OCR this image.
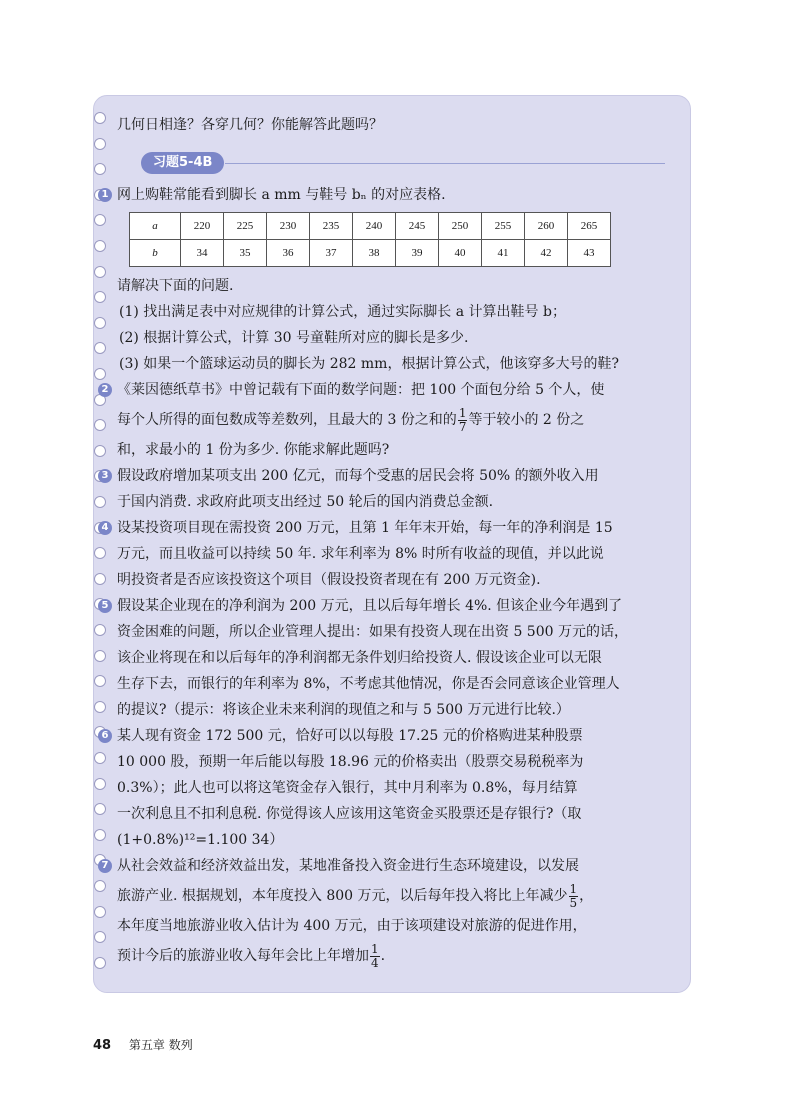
几何日相逢？各穿几何？你能解答此题吗？
习题5-4B
1 网上购鞋常能看到脚长 a mm 与鞋号 bₙ 的对应表格.
a	220	225	230	235	240	245	250	255	260	265
b	34	35	36	37	38	39	40	41	42	43
请解决下面的问题.
(1) 找出满足表中对应规律的计算公式，通过实际脚长 a 计算出鞋号 b；
(2) 根据计算公式，计算 30 号童鞋所对应的脚长是多少.
(3) 如果一个篮球运动员的脚长为 282 mm，根据计算公式，他该穿多大号的鞋?
2 《莱因德纸草书》中曾记载有下面的数学问题：把 100 个面包分给 5 个人，使
每个人所得的面包数成等差数列，且最大的 3 份之和的 $\frac{1}{7}$ 等于较小的 2 份之
和，求最小的 1 份为多少. 你能求解此题吗?
3 假设政府增加某项支出 200 亿元，而每个受惠的居民会将 50% 的额外收入用
于国内消费. 求政府此项支出经过 50 轮后的国内消费总金额.
4 设某投资项目现在需投资 200 万元，且第 1 年年末开始，每一年的净利润是 15
万元，而且收益可以持续 50 年. 求年利率为 8% 时所有收益的现值，并以此说
明投资者是否应该投资这个项目（假设投资者现在有 200 万元资金).
5 假设某企业现在的净利润为 200 万元，且以后每年增长 4%. 但该企业今年遇到了
资金困难的问题，所以企业管理人提出：如果有投资人现在出资 5 500 万元的话，
该企业将现在和以后每年的净利润都无条件划归给投资人. 假设该企业可以无限
生存下去，而银行的年利率为 8%，不考虑其他情况，你是否会同意该企业管理人
的提议?（提示：将该企业未来利润的现值之和与 5 500 万元进行比较.）
6 某人现有资金 172 500 元，恰好可以以每股 17.25 元的价格购进某种股票
10 000 股，预期一年后能以每股 18.96 元的价格卖出（股票交易税税率为
0.3%）；此人也可以将这笔资金存入银行，其中月利率为 0.8%，每月结算
一次利息且不扣利息税. 你觉得该人应该用这笔资金买股票还是存银行?（取
(1+0.8%)¹²=1.100 34）
7 从社会效益和经济效益出发，某地准备投入资金进行生态环境建设，以发展
旅游产业. 根据规划，本年度投入 800 万元，以后每年投入将比上年减少 $\frac{1}{5}$ ，
本年度当地旅游业收入估计为 400 万元，由于该项建设对旅游的促进作用，
预计今后的旅游业收入每年会比上年增加 $\frac{1}{4}$ .
48 第五章 数列
